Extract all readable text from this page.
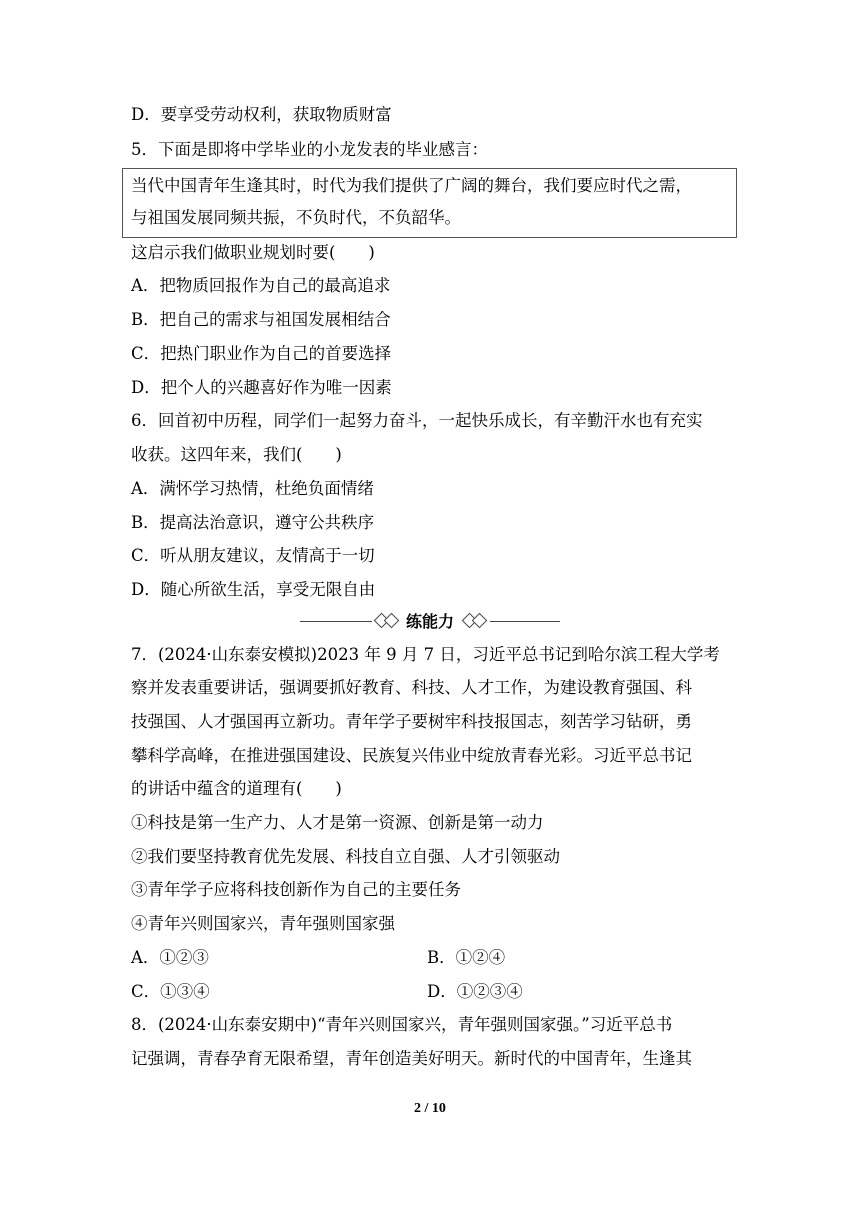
D．要享受劳动权利，获取物质财富
5．下面是即将中学毕业的小龙发表的毕业感言：
当代中国青年生逢其时，时代为我们提供了广阔的舞台，我们要应时代之需，
与祖国发展同频共振，不负时代，不负韶华。
这启示我们做职业规划时要(　　)
A．把物质回报作为自己的最高追求
B．把自己的需求与祖国发展相结合
C．把热门职业作为自己的首要选择
D．把个人的兴趣喜好作为唯一因素
6．回首初中历程，同学们一起努力奋斗，一起快乐成长，有辛勤汗水也有充实
收获。这四年来，我们(　　)
A．满怀学习热情，杜绝负面情绪
B．提高法治意识，遵守公共秩序
C．听从朋友建议，友情高于一切
D．随心所欲生活，享受无限自由
练能力
7．(2024·山东泰安模拟)2023 年 9 月 7 日，习近平总书记到哈尔滨工程大学考
察并发表重要讲话，强调要抓好教育、科技、人才工作，为建设教育强国、科
技强国、人才强国再立新功。青年学子要树牢科技报国志，刻苦学习钻研，勇
攀科学高峰，在推进强国建设、民族复兴伟业中绽放青春光彩。习近平总书记
的讲话中蕴含的道理有(　　)
①科技是第一生产力、人才是第一资源、创新是第一动力
②我们要坚持教育优先发展、科技自立自强、人才引领驱动
③青年学子应将科技创新作为自己的主要任务
④青年兴则国家兴，青年强则国家强
A．①②③	B．①②④
C．①③④	D．①②③④
8．(2024·山东泰安期中)“青年兴则国家兴，青年强则国家强。”习近平总书
记强调，青春孕育无限希望，青年创造美好明天。新时代的中国青年，生逢其
2 / 10
